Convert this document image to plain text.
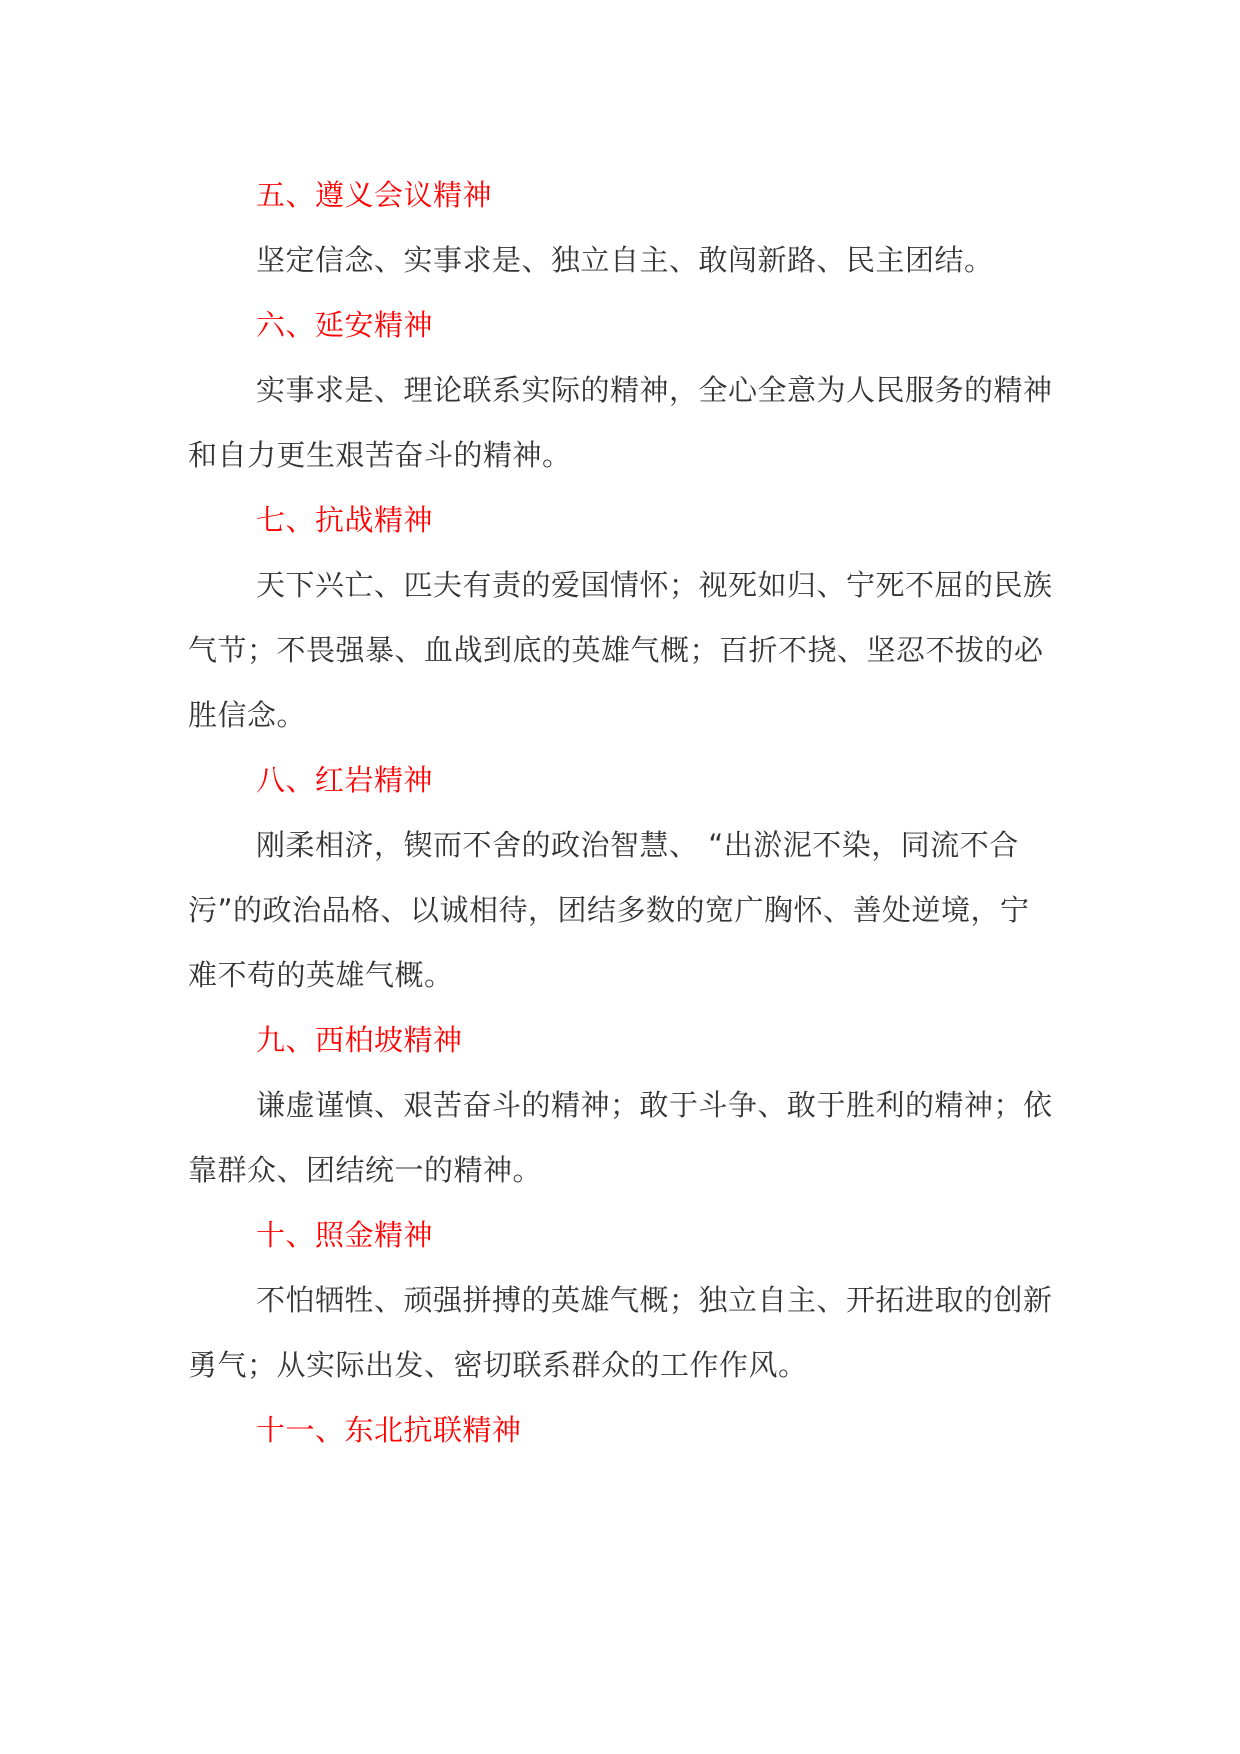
五、遵义会议精神

坚定信念、实事求是、独立自主、敢闯新路、民主团结。

六、延安精神

实事求是、理论联系实际的精神，全心全意为人民服务的精神和自力更生艰苦奋斗的精神。

七、抗战精神

天下兴亡、匹夫有责的爱国情怀；视死如归、宁死不屈的民族气节；不畏强暴、血战到底的英雄气概；百折不挠、坚忍不拔的必胜信念。

八、红岩精神

刚柔相济，锲而不舍的政治智慧、 “出淤泥不染，同流不合污”的政治品格、以诚相待，团结多数的宽广胸怀、善处逆境，宁难不苟的英雄气概。

九、西柏坡精神

谦虚谨慎、艰苦奋斗的精神；敢于斗争、敢于胜利的精神；依靠群众、团结统一的精神。

十、照金精神

不怕牺牲、顽强拼搏的英雄气概；独立自主、开拓进取的创新勇气；从实际出发、密切联系群众的工作作风。

十一、东北抗联精神
